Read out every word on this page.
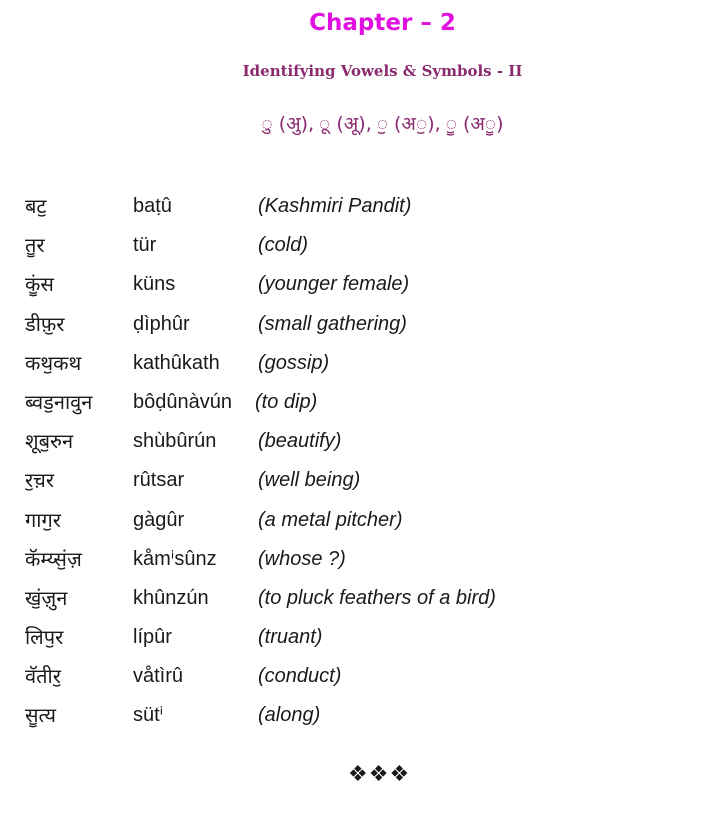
Chapter – 2
Identifying Vowels & Symbols - II
ु (अु), ू (अू), ॖ (अॖ), ॗ (अॗ)
बटॖ	baṭû	(Kashmiri Pandit)
तॗर	tür	(cold)
कॗंस	küns	(younger female)
डीफ़ॖर	ḍìphûr	(small gathering)
कथॖकथ	kathûkath (gossip)
ब्वडॖनावुन bôḍûnàvún (to dip)
शूबॖरुन	shùbûrún (beautify)
रॖच़र	rûtsar	(well being)
गागॖर	gàgûr	(a metal pitcher)
कॅम्य्सॖंज़	kåmⁱsûnz (whose ?)
खॖंज़ुन	khûnzún (to pluck feathers of a bird)
लिपॖर	lípûr	(truant)
वॅतीरॖ	våtìrû	(conduct)
सॗत्य	sütⁱ	(along)
❖❖❖
